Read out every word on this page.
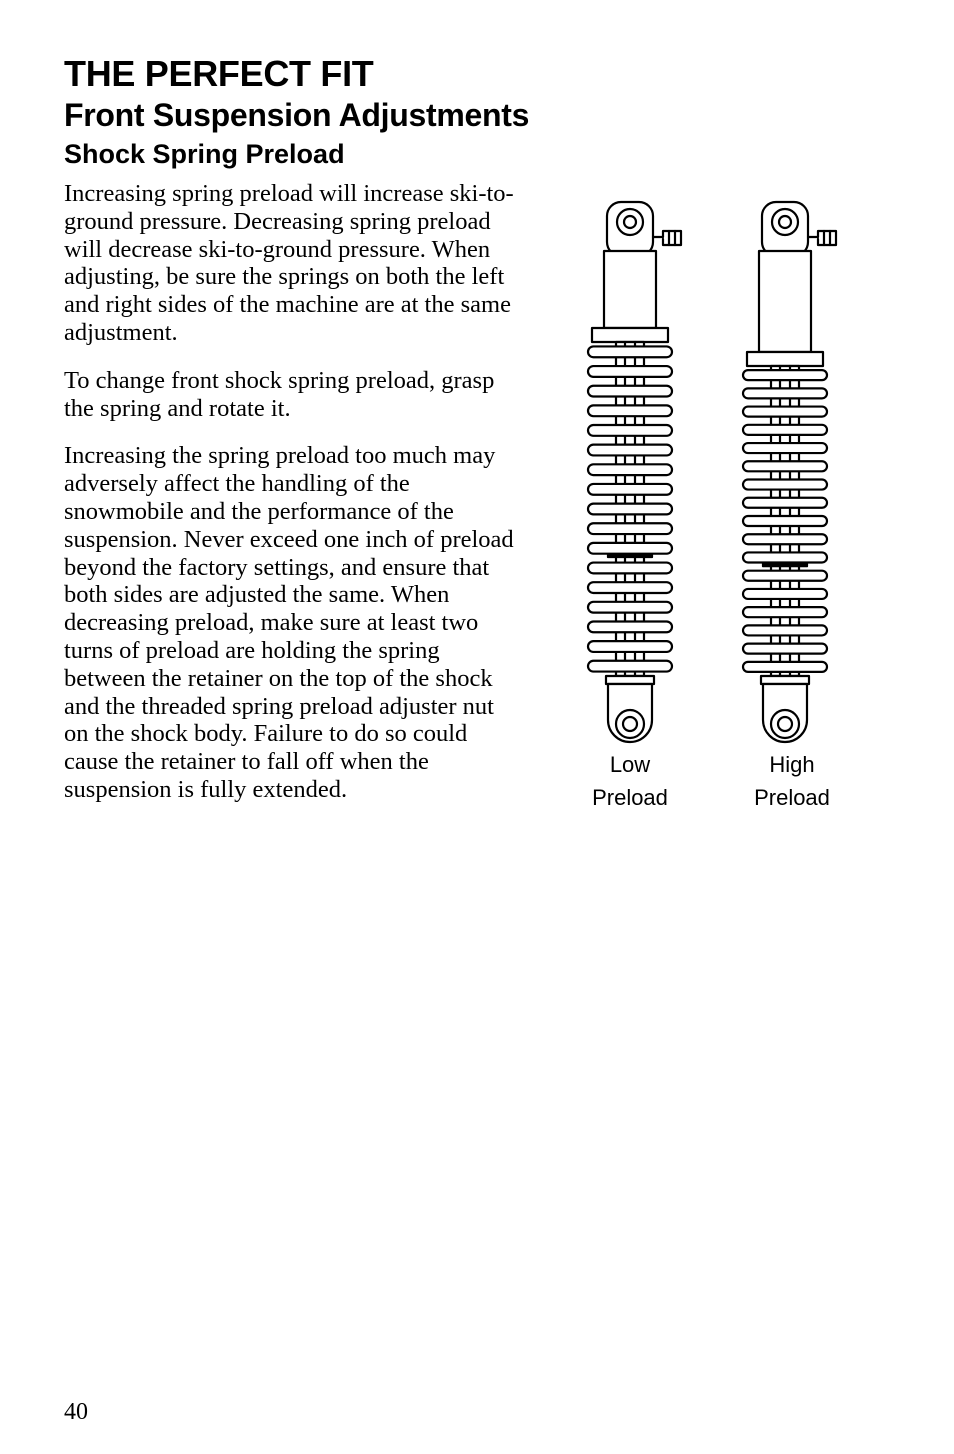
THE PERFECT FIT
Front Suspension Adjustments
Shock Spring Preload

Increasing spring preload will increase ski-to-ground pressure. Decreasing spring preload will decrease ski-to-ground pressure. When adjusting, be sure the springs on both the left and right sides of the machine are at the same adjustment.

To change front shock spring preload, grasp the spring and rotate it.

Increasing the spring preload too much may adversely affect the handling of the snowmobile and the performance of the suspension. Never exceed one inch of preload beyond the factory settings, and ensure that both sides are adjusted the same. When decreasing preload, make sure at least two turns of preload are holding the spring between the retainer on the top of the shock and the threaded spring preload adjuster nut on the shock body. Failure to do so could cause the retainer to fall off when the suspension is fully extended.

Low
Preload
High
Preload
40
